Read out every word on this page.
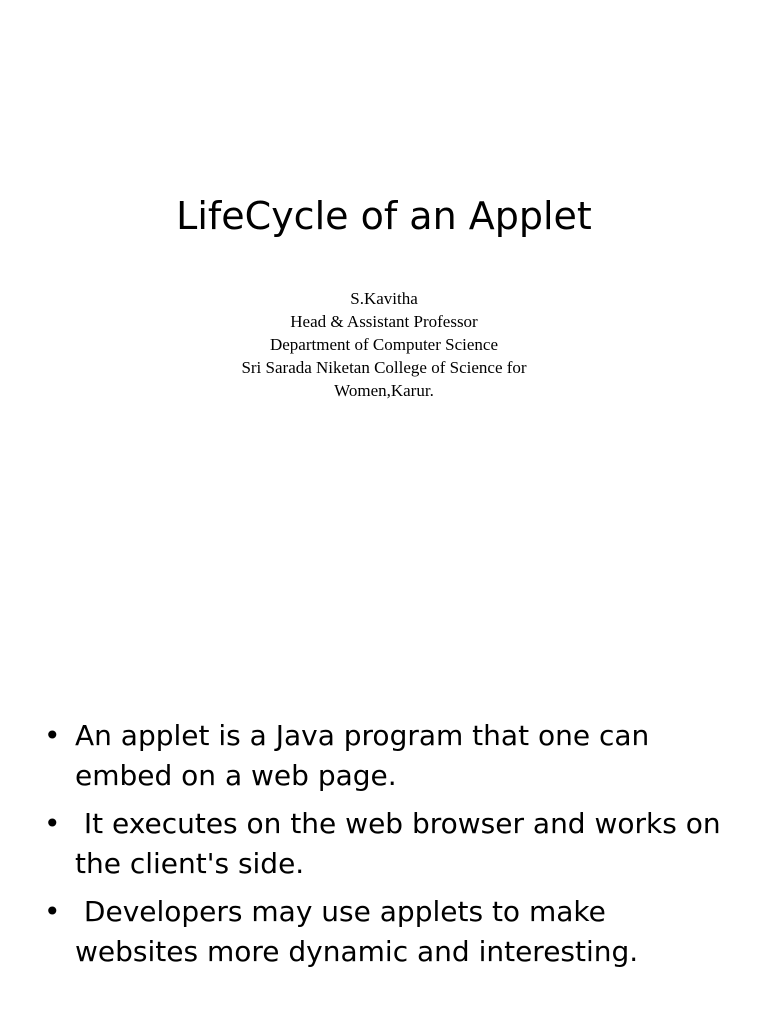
LifeCycle of an Applet
S.Kavitha
Head & Assistant Professor
Department of Computer Science
Sri Sarada Niketan College of Science for
Women,Karur.
• An applet is a Java program that one can embed on a web page.
• It executes on the web browser and works on the client's side.
• Developers may use applets to make websites more dynamic and interesting.
